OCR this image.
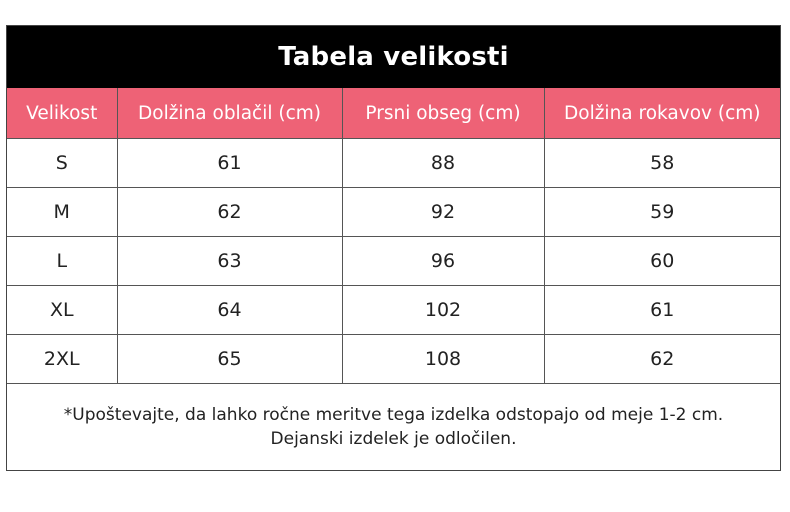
Tabela velikosti
Velikost	Dolžina oblačil (cm)	Prsni obseg (cm)	Dolžina rokavov (cm)
S	61	88	58
M	62	92	59
L	63	96	60
XL	64	102	61
2XL	65	108	62
*Upoštevajte, da lahko ročne meritve tega izdelka odstopajo od meje 1-2 cm.
Dejanski izdelek je odločilen.
